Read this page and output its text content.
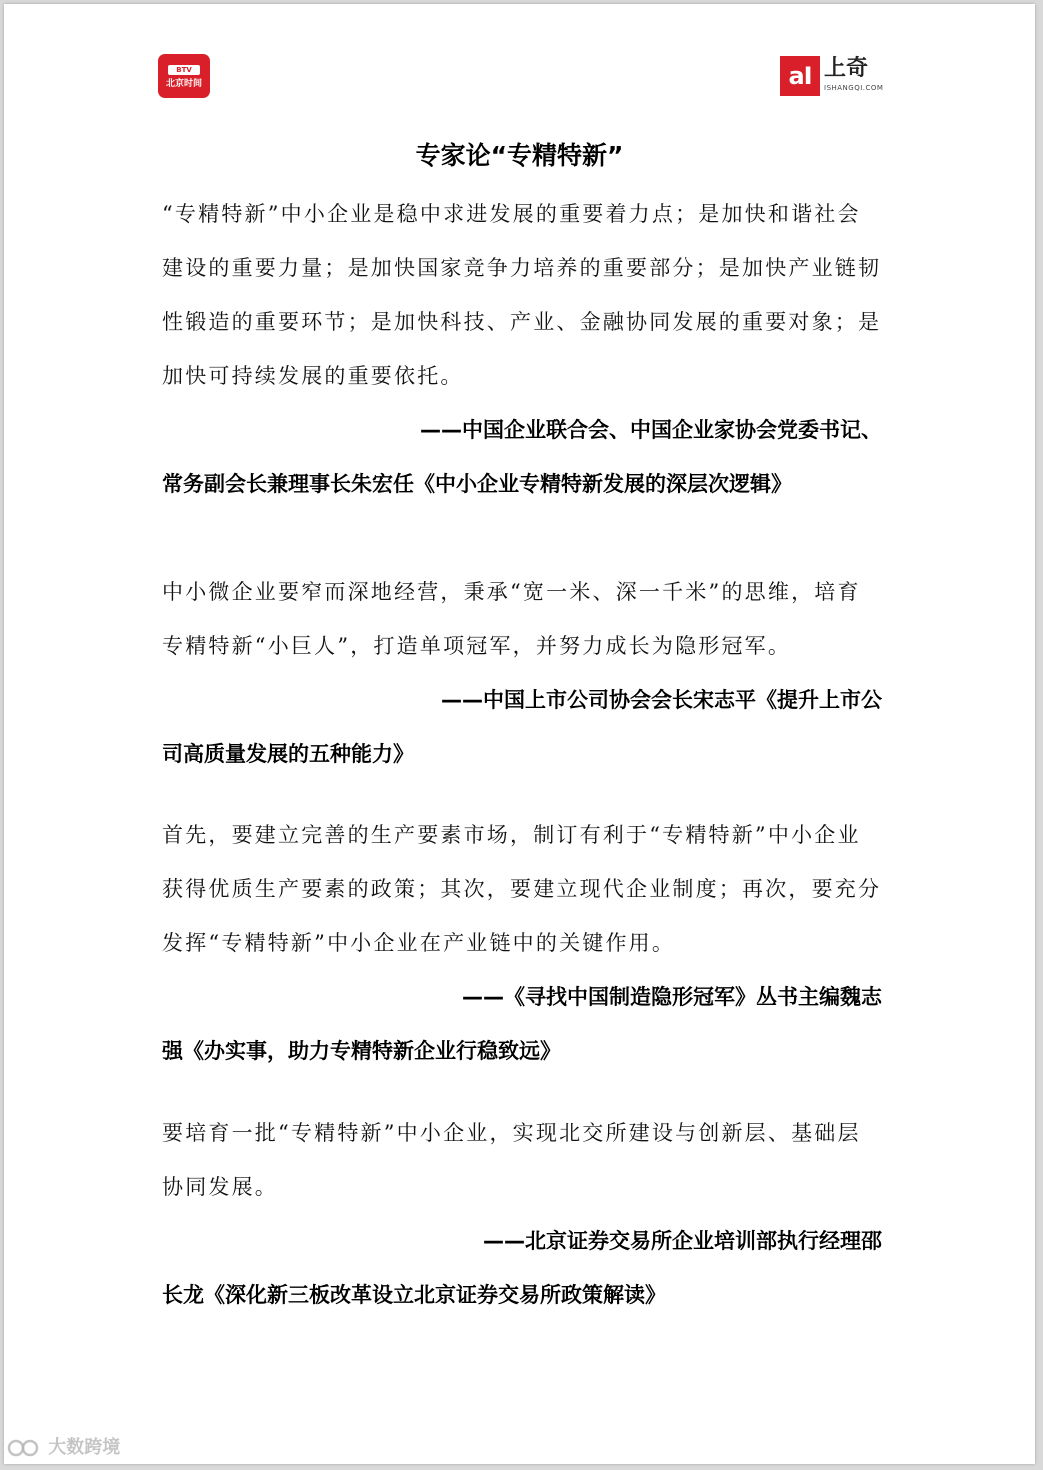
BTV
北京时间	aI 上奇
ISHANGQI.COM
专家论“专精特新”

“专精特新”中小企业是稳中求进发展的重要着力点；是加快和谐社会建设的重要力量；是加快国家竞争力培养的重要部分；是加快产业链韧性锻造的重要环节；是加快科技、产业、金融协同发展的重要对象；是加快可持续发展的重要依托。

——中国企业联合会、中国企业家协会党委书记、
常务副会长兼理事长朱宏任《中小企业专精特新发展的深层次逻辑》

中小微企业要窄而深地经营，秉承“宽一米、深一千米”的思维，培育专精特新“小巨人”，打造单项冠军，并努力成长为隐形冠军。

——中国上市公司协会会长宋志平《提升上市公
司高质量发展的五种能力》

首先，要建立完善的生产要素市场，制订有利于“专精特新”中小企业获得优质生产要素的政策；其次，要建立现代企业制度；再次，要充分发挥“专精特新”中小企业在产业链中的关键作用。

——《寻找中国制造隐形冠军》丛书主编魏志
强《办实事，助力专精特新企业行稳致远》

要培育一批“专精特新”中小企业，实现北交所建设与创新层、基础层协同发展。

——北京证券交易所企业培训部执行经理邵
长龙《深化新三板改革设立北京证券交易所政策解读》

大数跨境
